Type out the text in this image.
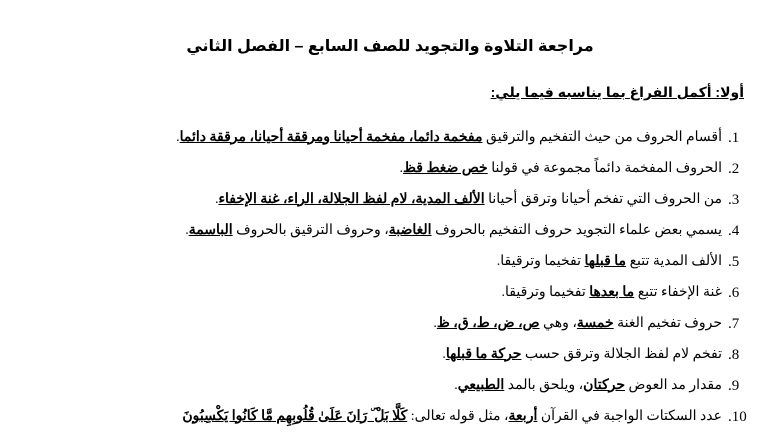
مراجعة التلاوة والتجويد للصف السابع – الفصل الثاني
أولا: أكمل الفراغ بما يناسبه فيما يلي:
.1
أقسام الحروف من حيث التفخيم والترقيق مفخمة دائما، مفخمة أحيانا ومرققة أحيانا، مرققة دائما.
.2
الحروف المفخمة دائماً مجموعة في قولنا خص ضغط قظ.
.3
من الحروف التي تفخم أحيانا وترقق أحيانا الألف المدية، لام لفظ الجلالة، الراء، غنة الإخفاء.
.4
يسمي بعض علماء التجويد حروف التفخيم بالحروف الغاضبة، وحروف الترقيق بالحروف الباسمة.
.5
الألف المدية تتبع ما قبلها تفخيما وترقيقا.
.6
غنة الإخفاء تتبع ما بعدها تفخيما وترقيقا.
.7
حروف تفخيم الغنة خمسة، وهي ص، ض، ط، ق، ظ.
.8
تفخم لام لفظ الجلالة وترقق حسب حركة ما قبلها.
.9
مقدار مد العوض حركتان، ويلحق بالمد الطبيعي.
.10
عدد السكتات الواجبة في القرآن أربعة، مثل قوله تعالى: كَلَّا بَلْ ۜ رَانَ عَلَىٰ قُلُوبِهِم مَّا كَانُوا يَكْسِبُونَ
